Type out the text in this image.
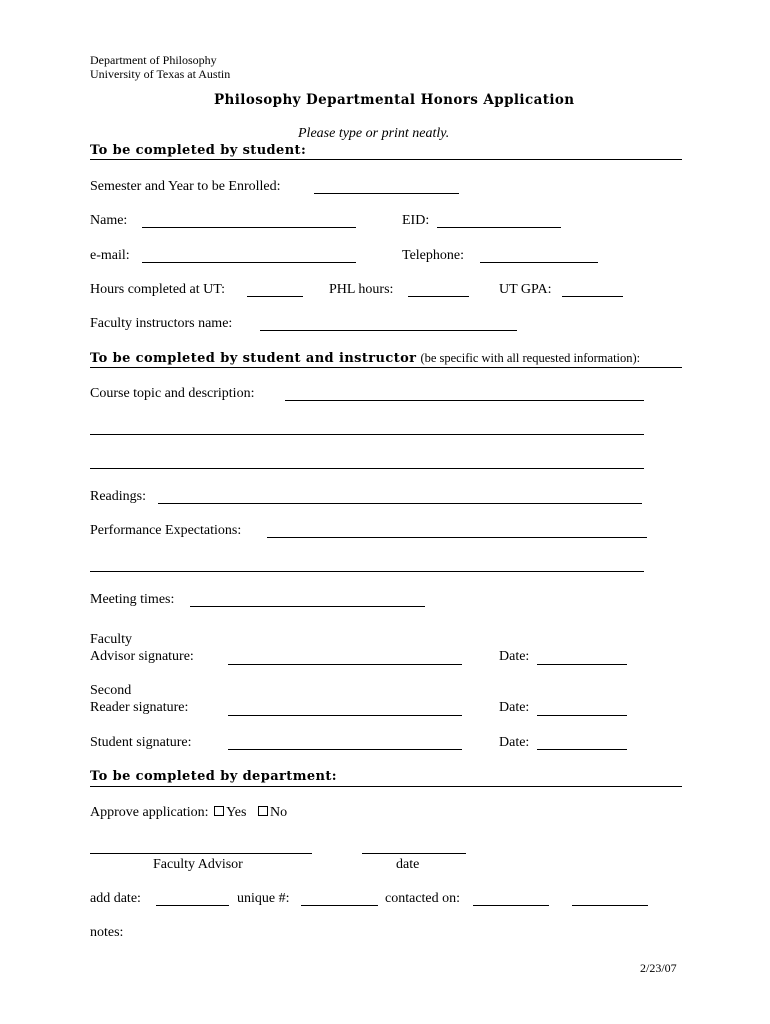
Department of Philosophy
University of Texas at Austin
Philosophy Departmental Honors Application
Please type or print neatly.
To be completed by student:
Semester and Year to be Enrolled:
Name:	EID:
e-mail:	Telephone:
Hours completed at UT:	PHL hours:	UT GPA:
Faculty instructors name:
To be completed by student and instructor (be specific with all requested information):
Course topic and description:
Readings:
Performance Expectations:
Meeting times:
Faculty
Advisor signature:	Date:
Second
Reader signature:	Date:
Student signature:	Date:
To be completed by department:
Approve application: Yes No
Faculty Advisor	date
add date:	unique #:	contacted on:
notes:
2/23/07
